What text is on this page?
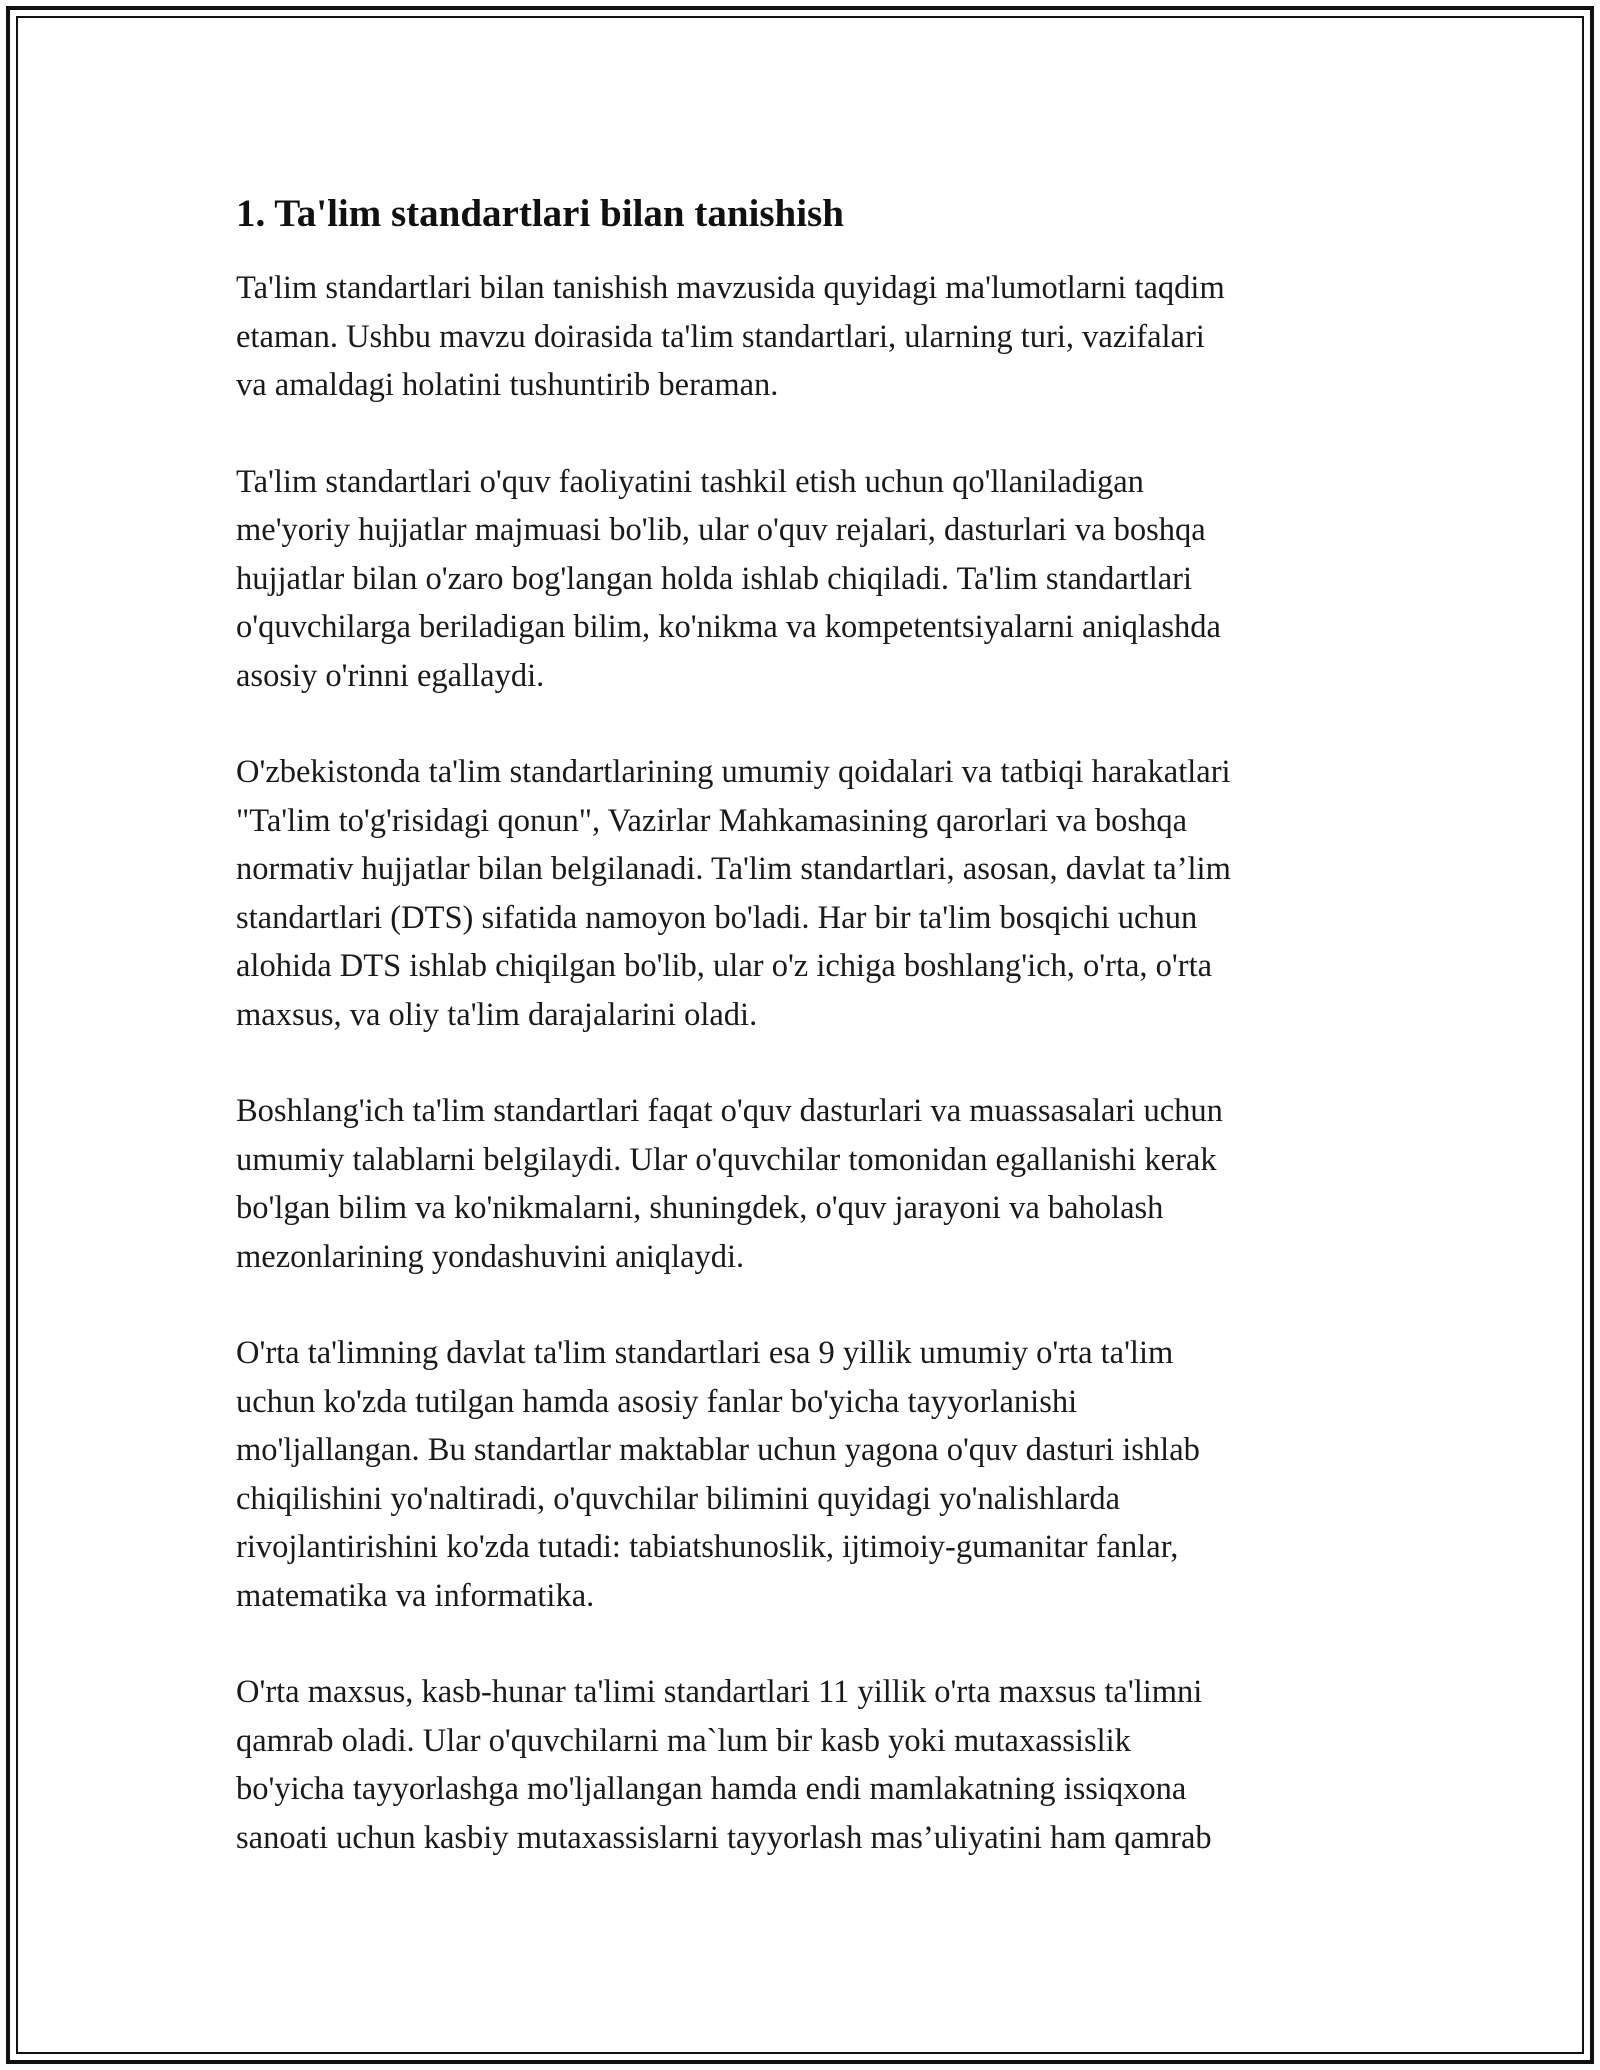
1. Ta'lim standartlari bilan tanishish

Ta'lim standartlari bilan tanishish mavzusida quyidagi ma'lumotlarni taqdim
etaman. Ushbu mavzu doirasida ta'lim standartlari, ularning turi, vazifalari
va amaldagi holatini tushuntirib beraman.

Ta'lim standartlari o'quv faoliyatini tashkil etish uchun qo'llaniladigan
me'yoriy hujjatlar majmuasi bo'lib, ular o'quv rejalari, dasturlari va boshqa
hujjatlar bilan o'zaro bog'langan holda ishlab chiqiladi. Ta'lim standartlari
o'quvchilarga beriladigan bilim, ko'nikma va kompetentsiyalarni aniqlashda
asosiy o'rinni egallaydi.

O'zbekistonda ta'lim standartlarining umumiy qoidalari va tatbiqi harakatlari
"Ta'lim to'g'risidagi qonun", Vazirlar Mahkamasining qarorlari va boshqa
normativ hujjatlar bilan belgilanadi. Ta'lim standartlari, asosan, davlat ta’lim
standartlari (DTS) sifatida namoyon bo'ladi. Har bir ta'lim bosqichi uchun
alohida DTS ishlab chiqilgan bo'lib, ular o'z ichiga boshlang'ich, o'rta, o'rta
maxsus, va oliy ta'lim darajalarini oladi.

Boshlang'ich ta'lim standartlari faqat o'quv dasturlari va muassasalari uchun
umumiy talablarni belgilaydi. Ular o'quvchilar tomonidan egallanishi kerak
bo'lgan bilim va ko'nikmalarni, shuningdek, o'quv jarayoni va baholash
mezonlarining yondashuvini aniqlaydi.

O'rta ta'limning davlat ta'lim standartlari esa 9 yillik umumiy o'rta ta'lim
uchun ko'zda tutilgan hamda asosiy fanlar bo'yicha tayyorlanishi
mo'ljallangan. Bu standartlar maktablar uchun yagona o'quv dasturi ishlab
chiqilishini yo'naltiradi, o'quvchilar bilimini quyidagi yo'nalishlarda
rivojlantirishini ko'zda tutadi: tabiatshunoslik, ijtimoiy-gumanitar fanlar,
matematika va informatika.

O'rta maxsus, kasb-hunar ta'limi standartlari 11 yillik o'rta maxsus ta'limni
qamrab oladi. Ular o'quvchilarni ma`lum bir kasb yoki mutaxassislik
bo'yicha tayyorlashga mo'ljallangan hamda endi mamlakatning issiqxona
sanoati uchun kasbiy mutaxassislarni tayyorlash mas’uliyatini ham qamrab
